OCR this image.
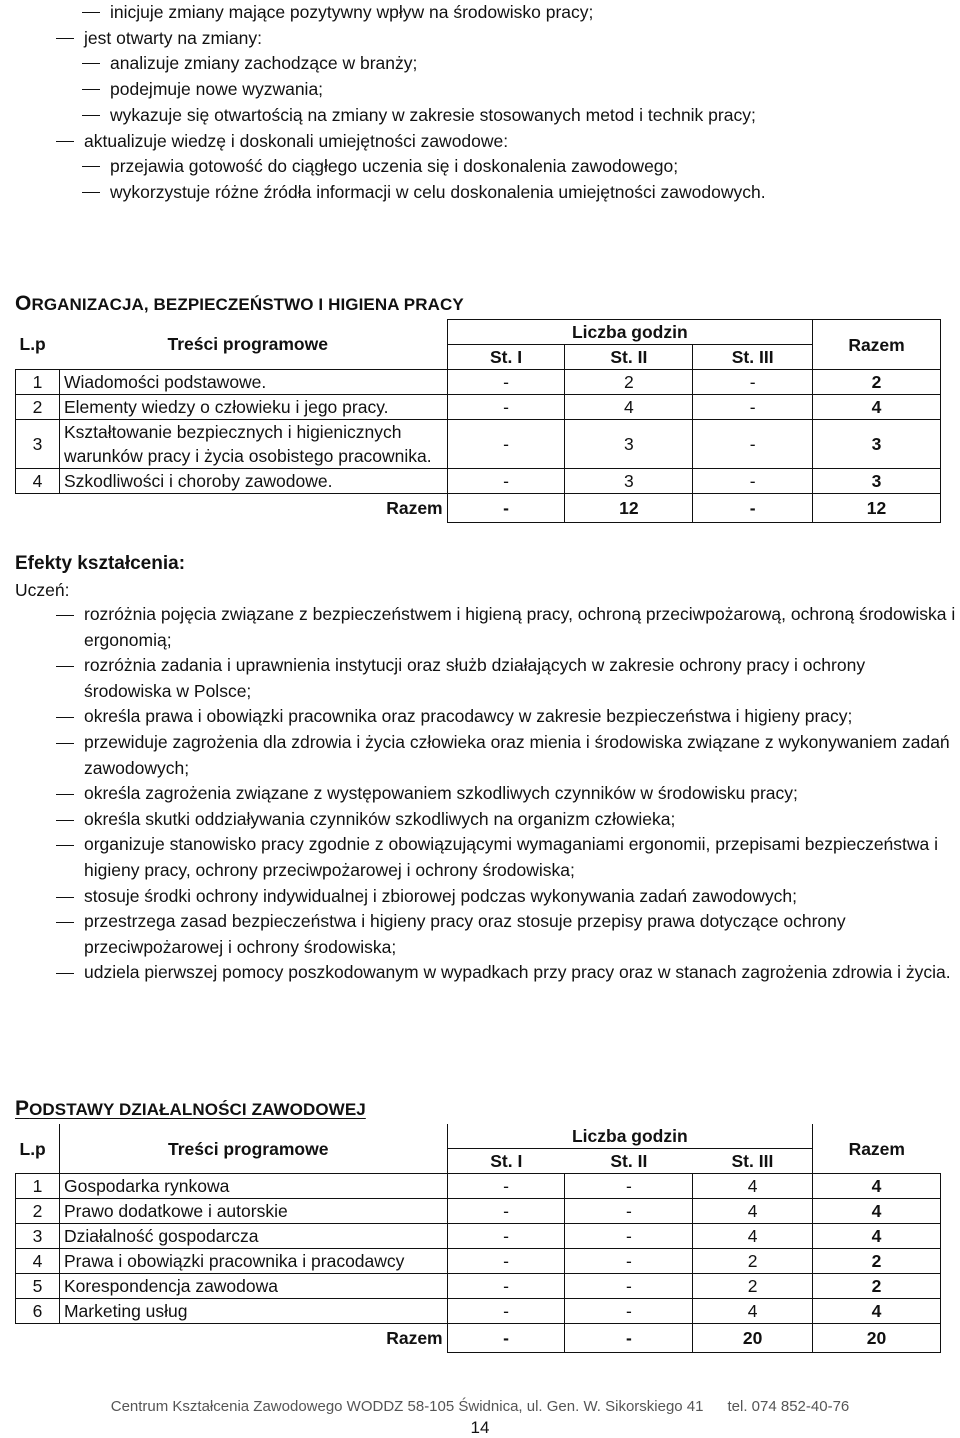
inicjuje zmiany mające pozytywny wpływ na środowisko pracy;
jest otwarty na zmiany:
analizuje zmiany zachodzące w branży;
podejmuje nowe wyzwania;
wykazuje się otwartością na zmiany w zakresie stosowanych metod i technik pracy;
aktualizuje wiedzę i doskonali umiejętności zawodowe:
przejawia gotowość do ciągłego uczenia się i doskonalenia zawodowego;
wykorzystuje różne źródła informacji w celu doskonalenia umiejętności zawodowych.
ORGANIZACJA, BEZPIECZEŃSTWO I HIGIENA PRACY
L.p	Treści programowe	Liczba godzin			Razem
		St. I	St. II	St. III	
1	Wiadomości podstawowe.	-	2	-	2
2	Elementy wiedzy o człowieku i jego pracy.	-	4	-	4
3	Kształtowanie bezpiecznych i higienicznych
warunków pracy i życia osobistego pracownika.	-	3	-	3
4	Szkodliwości i choroby zawodowe.	-	3	-	3
	Razem	-	12	-	12
Efekty kształcenia:
Uczeń:
rozróżnia pojęcia związane z bezpieczeństwem i higieną pracy, ochroną przeciwpożarową, ochroną środowiska i ergonomią;
rozróżnia zadania i uprawnienia instytucji oraz służb działających w zakresie ochrony pracy i ochrony środowiska w Polsce;
określa prawa i obowiązki pracownika oraz pracodawcy w zakresie bezpieczeństwa i higieny pracy;
przewiduje zagrożenia dla zdrowia i życia człowieka oraz mienia i środowiska związane z wykonywaniem zadań zawodowych;
określa zagrożenia związane z występowaniem szkodliwych czynników w środowisku pracy;
określa skutki oddziaływania czynników szkodliwych na organizm człowieka;
organizuje stanowisko pracy zgodnie z obowiązującymi wymaganiami ergonomii, przepisami bezpieczeństwa i higieny pracy, ochrony przeciwpożarowej i ochrony środowiska;
stosuje środki ochrony indywidualnej i zbiorowej podczas wykonywania zadań zawodowych;
przestrzega zasad bezpieczeństwa i higieny pracy oraz stosuje przepisy prawa dotyczące ochrony przeciwpożarowej i ochrony środowiska;
udziela pierwszej pomocy poszkodowanym w wypadkach przy pracy oraz w stanach zagrożenia zdrowia i życia.
PODSTAWY DZIAŁALNOŚCI ZAWODOWEJ
L.p	Treści programowe	Liczba godzin			Razem
		St. I	St. II	St. III	
1	Gospodarka rynkowa	-	-	4	4
2	Prawo dodatkowe i autorskie	-	-	4	4
3	Działalność gospodarcza	-	-	4	4
4	Prawa i obowiązki pracownika i pracodawcy	-	-	2	2
5	Korespondencja zawodowa	-	-	2	2
6	Marketing usług	-	-	4	4
	Razem	-	-	20	20
Centrum Kształcenia Zawodowego WODDZ 58-105 Świdnica, ul. Gen. W. Sikorskiego 41 tel. 074 852-40-76
14
